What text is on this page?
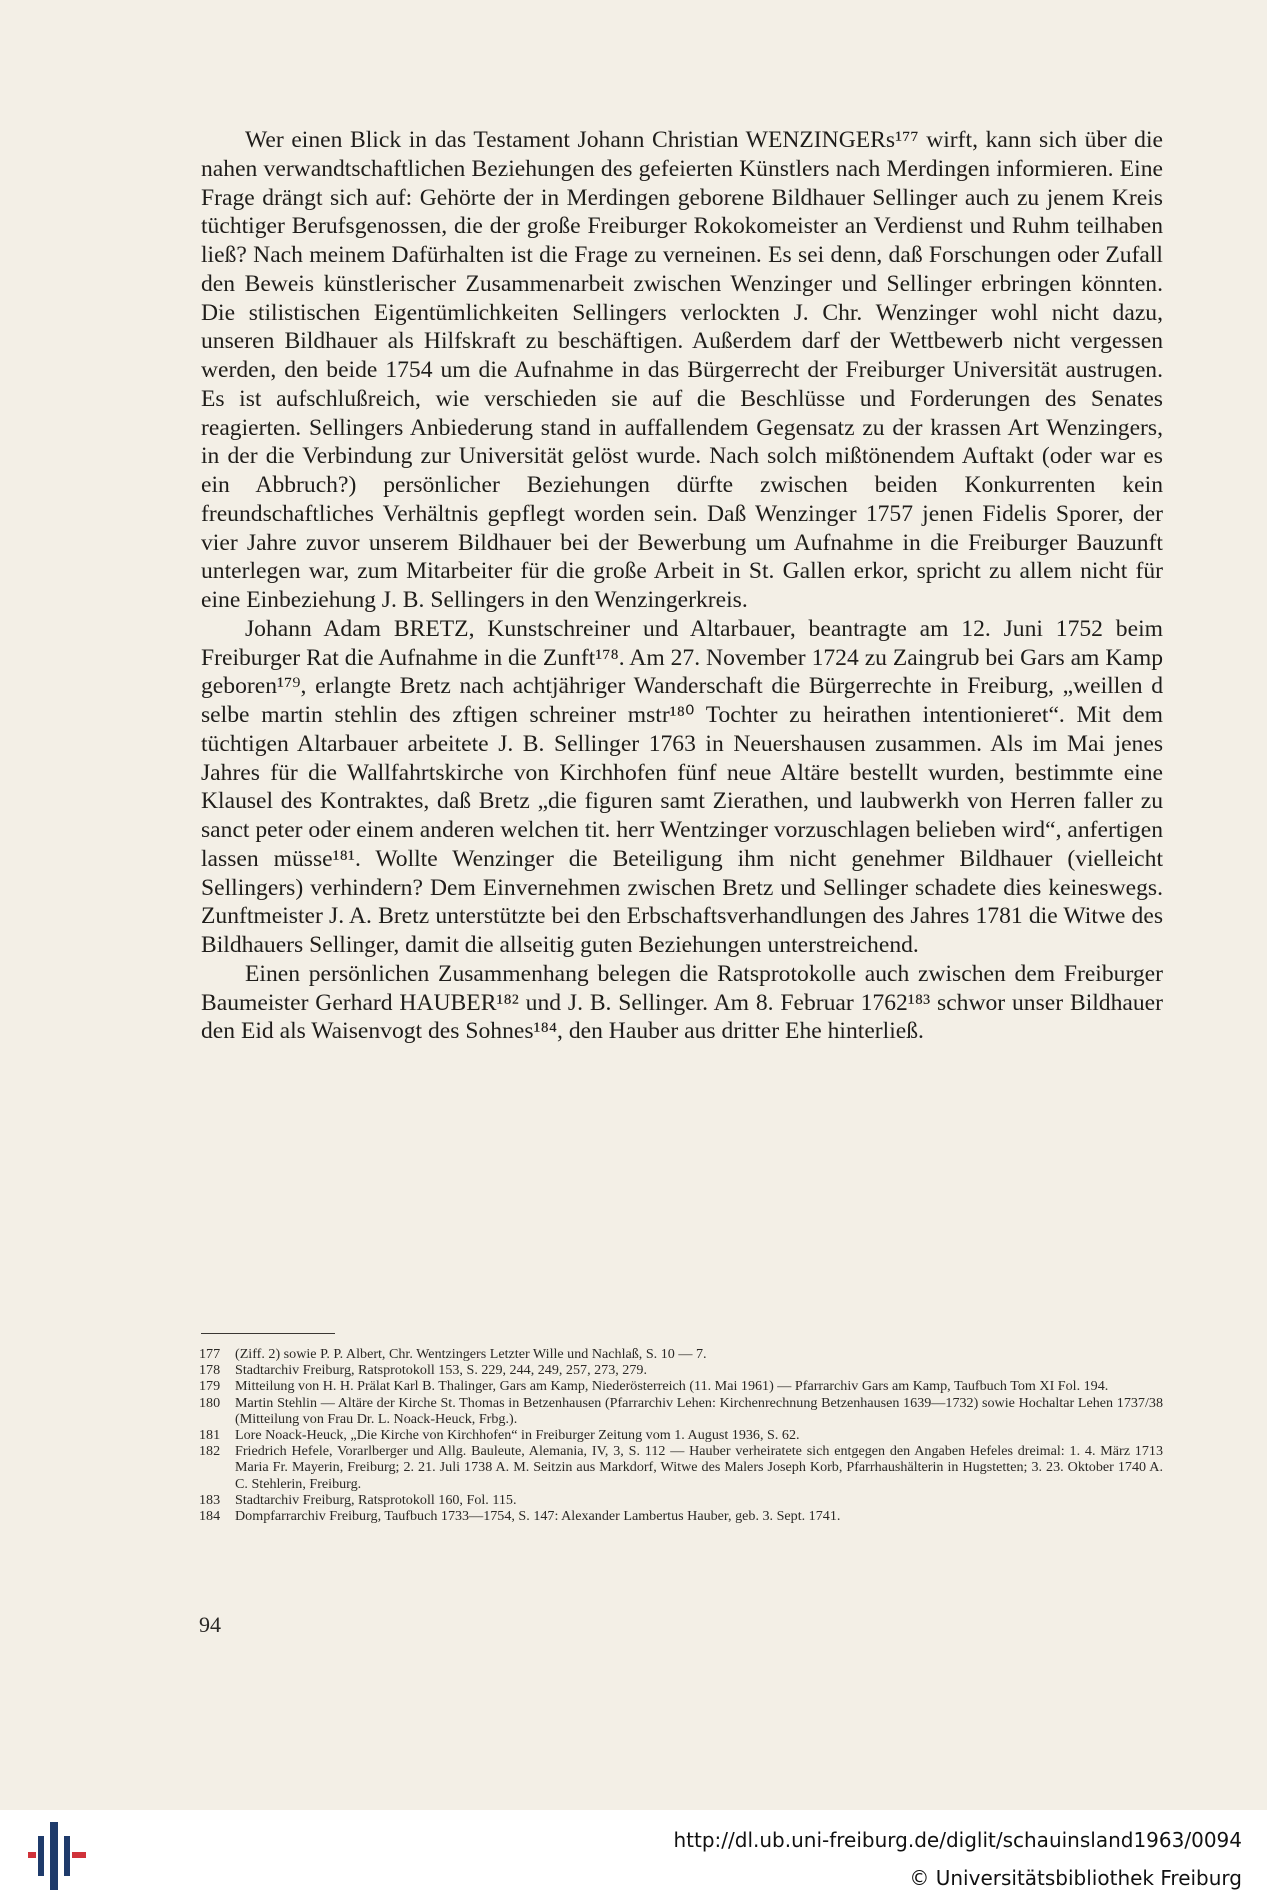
Wer einen Blick in das Testament Johann Christian WENZINGERs¹⁷⁷ wirft, kann sich über die nahen verwandtschaftlichen Beziehungen des gefeierten Künstlers nach Merdingen informieren. Eine Frage drängt sich auf: Gehörte der in Merdingen geborene Bildhauer Sellinger auch zu jenem Kreis tüchtiger Berufsgenossen, die der große Freiburger Rokokomeister an Verdienst und Ruhm teilhaben ließ? Nach meinem Dafürhalten ist die Frage zu verneinen. Es sei denn, daß Forschungen oder Zufall den Beweis künstlerischer Zusammenarbeit zwischen Wenzinger und Sellinger erbringen könnten. Die stilistischen Eigentümlichkeiten Sellingers verlockten J. Chr. Wenzinger wohl nicht dazu, unseren Bildhauer als Hilfskraft zu beschäftigen. Außerdem darf der Wettbewerb nicht vergessen werden, den beide 1754 um die Aufnahme in das Bürgerrecht der Freiburger Universität austrugen. Es ist aufschlußreich, wie verschieden sie auf die Beschlüsse und Forderungen des Senates reagierten. Sellingers Anbiederung stand in auffallendem Gegensatz zu der krassen Art Wenzingers, in der die Verbindung zur Universität gelöst wurde. Nach solch mißtönendem Auftakt (oder war es ein Abbruch?) persönlicher Beziehungen dürfte zwischen beiden Konkurrenten kein freundschaftliches Verhältnis gepflegt worden sein. Daß Wenzinger 1757 jenen Fidelis Sporer, der vier Jahre zuvor unserem Bildhauer bei der Bewerbung um Aufnahme in die Freiburger Bauzunft unterlegen war, zum Mitarbeiter für die große Arbeit in St. Gallen erkor, spricht zu allem nicht für eine Einbeziehung J. B. Sellingers in den Wenzingerkreis.

Johann Adam BRETZ, Kunstschreiner und Altarbauer, beantragte am 12. Juni 1752 beim Freiburger Rat die Aufnahme in die Zunft¹⁷⁸. Am 27. November 1724 zu Zaingrub bei Gars am Kamp geboren¹⁷⁹, erlangte Bretz nach achtjähriger Wanderschaft die Bürgerrechte in Freiburg, „weillen d selbe martin stehlin des zftigen schreiner mstr¹⁸⁰ Tochter zu heirathen intentionieret“. Mit dem tüchtigen Altarbauer arbeitete J. B. Sellinger 1763 in Neuershausen zusammen. Als im Mai jenes Jahres für die Wallfahrtskirche von Kirchhofen fünf neue Altäre bestellt wurden, bestimmte eine Klausel des Kontraktes, daß Bretz „die figuren samt Zierathen, und laubwerkh von Herren faller zu sanct peter oder einem anderen welchen tit. herr Wentzinger vorzuschlagen belieben wird“, anfertigen lassen müsse¹⁸¹. Wollte Wenzinger die Beteiligung ihm nicht genehmer Bildhauer (vielleicht Sellingers) verhindern? Dem Einvernehmen zwischen Bretz und Sellinger schadete dies keineswegs. Zunftmeister J. A. Bretz unterstützte bei den Erbschaftsverhandlungen des Jahres 1781 die Witwe des Bildhauers Sellinger, damit die allseitig guten Beziehungen unterstreichend.

Einen persönlichen Zusammenhang belegen die Ratsprotokolle auch zwischen dem Freiburger Baumeister Gerhard HAUBER¹⁸² und J. B. Sellinger. Am 8. Februar 1762¹⁸³ schwor unser Bildhauer den Eid als Waisenvogt des Sohnes¹⁸⁴, den Hauber aus dritter Ehe hinterließ.

177	(Ziff. 2) sowie P. P. Albert, Chr. Wentzingers Letzter Wille und Nachlaß, S. 10 — 7.
178	Stadtarchiv Freiburg, Ratsprotokoll 153, S. 229, 244, 249, 257, 273, 279.
179	Mitteilung von H. H. Prälat Karl B. Thalinger, Gars am Kamp, Niederösterreich (11. Mai 1961) — Pfarrarchiv Gars am Kamp, Taufbuch Tom XI Fol. 194.
180	Martin Stehlin — Altäre der Kirche St. Thomas in Betzenhausen (Pfarrarchiv Lehen: Kirchenrechnung Betzenhausen 1639—1732) sowie Hochaltar Lehen 1737/38 (Mitteilung von Frau Dr. L. Noack-Heuck, Frbg.).
181	Lore Noack-Heuck, „Die Kirche von Kirchhofen“ in Freiburger Zeitung vom 1. August 1936, S. 62.
182	Friedrich Hefele, Vorarlberger und Allg. Bauleute, Alemania, IV, 3, S. 112 — Hauber verheiratete sich entgegen den Angaben Hefeles dreimal: 1. 4. März 1713 Maria Fr. Mayerin, Freiburg; 2. 21. Juli 1738 A. M. Seitzin aus Markdorf, Witwe des Malers Joseph Korb, Pfarrhaushälterin in Hugstetten; 3. 23. Oktober 1740 A. C. Stehlerin, Freiburg.
183	Stadtarchiv Freiburg, Ratsprotokoll 160, Fol. 115.
184	Dompfarrarchiv Freiburg, Taufbuch 1733—1754, S. 147: Alexander Lambertus Hauber, geb. 3. Sept. 1741.
94
http://dl.ub.uni-freiburg.de/diglit/schauinsland1963/0094
© Universitätsbibliothek Freiburg
